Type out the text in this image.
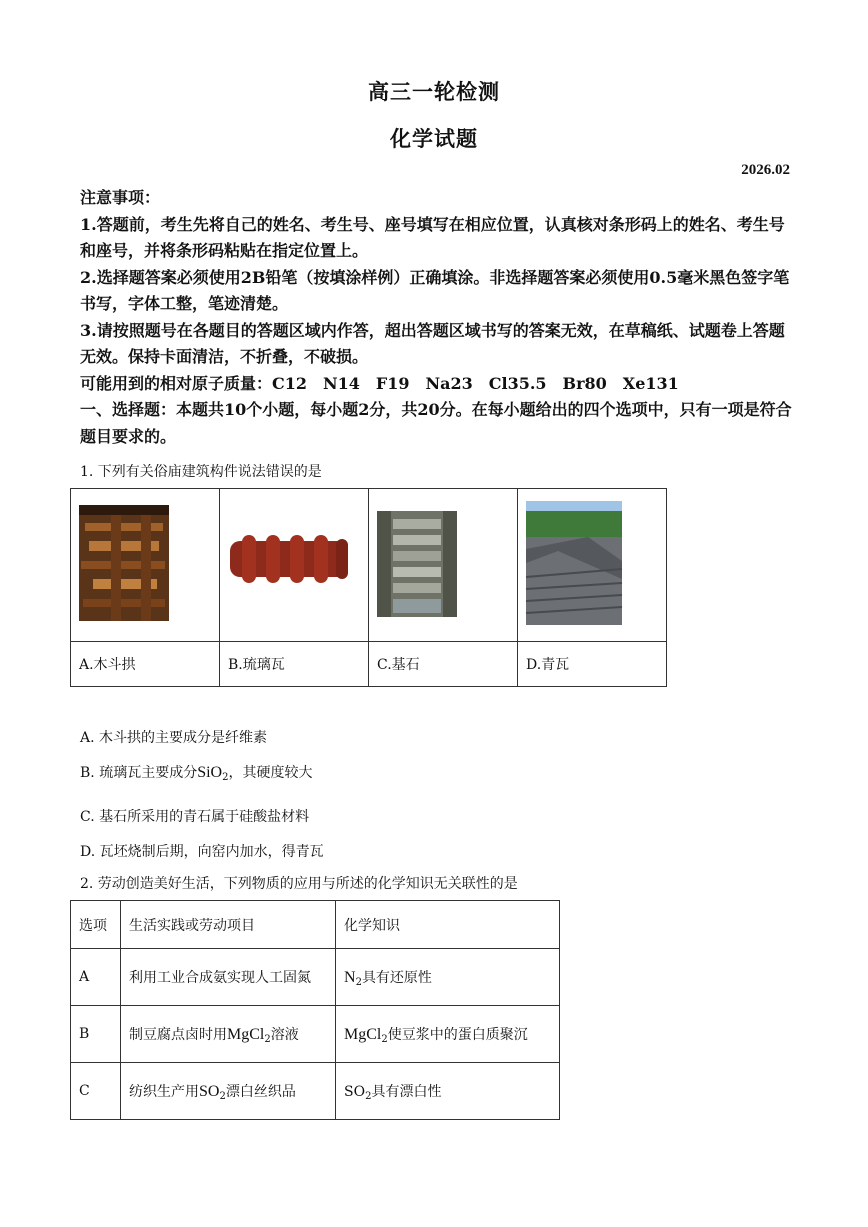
高三一轮检测
化学试题
2026.02

注意事项：

1.答题前，考生先将自己的姓名、考生号、座号填写在相应位置，认真核对条形码上的姓名、考生号和座号，并将条形码粘贴在指定位置上。

2.选择题答案必须使用2B铅笔（按填涂样例）正确填涂。非选择题答案必须使用0.5毫米黑色签字笔书写，字体工整，笔迹清楚。

3.请按照题号在各题目的答题区域内作答，超出答题区域书写的答案无效，在草稿纸、试题卷上答题无效。保持卡面清洁，不折叠，不破损。

可能用到的相对原子质量：C12　N14　F19　Na23　Cl35.5　Br80　Xe131

一、选择题：本题共10个小题，每小题2分，共20分。在每小题给出的四个选项中，只有一项是符合题目要求的。

1. 下列有关俗庙建筑构件说法错误的是

A.木斗拱	B.琉璃瓦	C.基石	D.青瓦
A. 木斗拱的主要成分是纤维素
B. 琉璃瓦主要成分SiO$_2$，其硬度较大
C. 基石所采用的青石属于硅酸盐材料
D. 瓦坯烧制后期，向窑内加水，得青瓦
2. 劳动创造美好生活，下列物质的应用与所述的化学知识无关联性的是
选项	生活实践或劳动项目	化学知识
A	利用工业合成氨实现人工固氮	$N_2$具有还原性
B	制豆腐点卤时用MgCl$_2$溶液	MgCl$_2$使豆浆中的蛋白质聚沉
C	纺织生产用$SO_2$漂白丝织品	$SO_2$具有漂白性
